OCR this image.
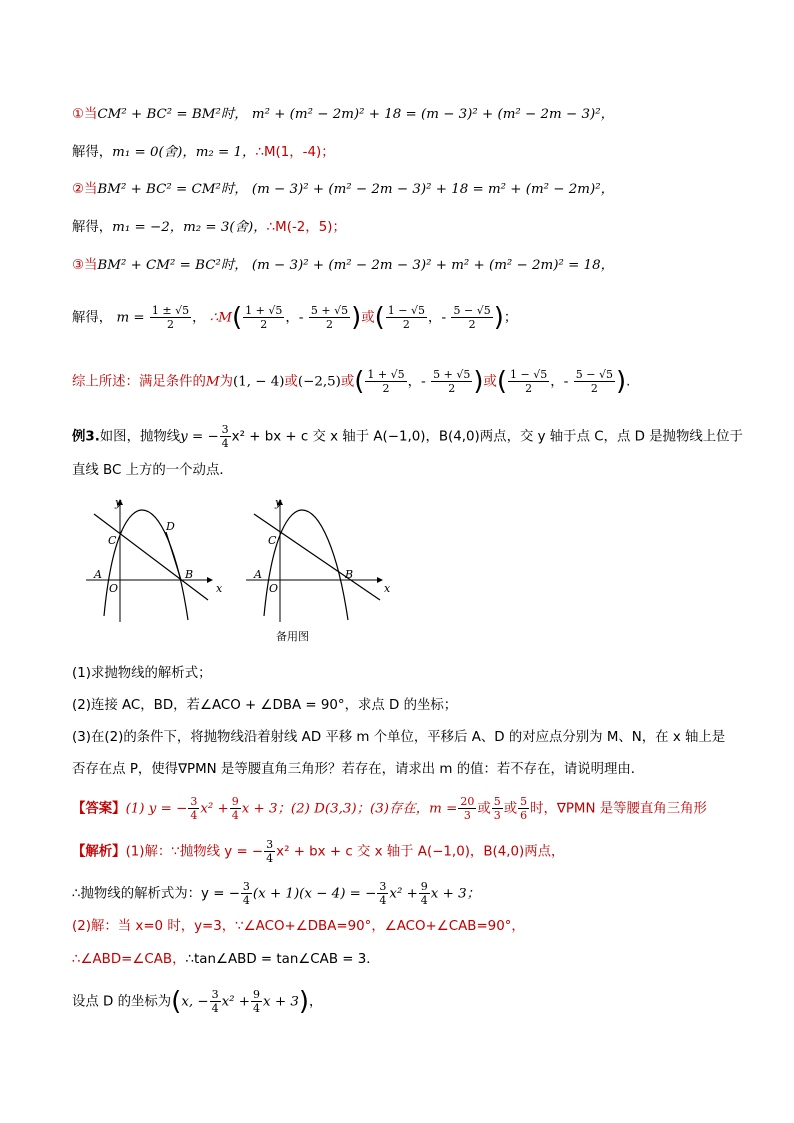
①当CM² + BC² = BM²时， m² + (m² − 2m)² + 18 = (m − 3)² + (m² − 2m − 3)²，
解得，m₁ = 0(舍)，m₂ = 1，∴M(1，-4)；
②当BM² + BC² = CM²时， (m − 3)² + (m² − 2m − 3)² + 18 = m² + (m² − 2m)²，
解得，m₁ = −2，m₂ = 3(舍)，∴M(-2，5)；
③当BM² + CM² = BC²时， (m − 3)² + (m² − 2m − 3)² + m² + (m² − 2m)² = 18，
解得， $m = \frac{1 \pm √5}{2}$ ， ∴M( $\frac{1 + √5}{2}$ ，- $\frac{5 + √5}{2}$ )或( $\frac{1 - √5}{2}$ ，- $\frac{5 - √5}{2}$ )；
综上所述：满足条件的M为(1, − 4)或(−2,5)或( $\frac{1 + √5}{2}$ ，- $\frac{5 + √5}{2}$ )或( $\frac{1 - √5}{2}$ ，- $\frac{5 - √5}{2}$ ).
例3.如图，抛物线y = − $\frac{3}{4} x^2$ + bx + c 交 x 轴于 A(−1,0)，B(4,0)两点，交 y 轴于点 C，点 D 是抛物线上位于
直线 BC 上方的一个动点．
y
x
C
D
A
O
B
y
x
C
A
O
B
备用图
(1)求抛物线的解析式；
(2)连接 AC，BD，若∠ACO + ∠DBA = 90°，求点 D 的坐标；
(3)在(2)的条件下，将抛物线沿着射线 AD 平移 m 个单位，平移后 A、D 的对应点分别为 M、N，在 x 轴上是
否存在点 P，使得∇PMN 是等腰直角三角形？若存在，请求出 m 的值：若不存在，请说明理由．
【答案】(1) y = − $\frac{3}{4} x^2 + \frac{9}{4}$ x + 3；(2) D(3,3)；(3)存在，$m = \frac{20}{3}$ 或 $\frac{5}{3}$ 或 $\frac{5}{6}$ 时，∇PMN 是等腰直角三角形
【解析】(1)解：∵抛物线 y = − $\frac{3}{4} x^2$ + bx + c 交 x 轴于 A(−1,0)，B(4,0)两点，
∴抛物线的解析式为：y = − $\frac{3}{4} (x + 1)(x - 4)$ = − $\frac{3}{4} x^2 + \frac{9}{4}$ x + 3；
(2)解：当 x=0 时，y=3，∵∠ACO+∠DBA=90°，∠ACO+∠CAB=90°，
∴∠ABD=∠CAB，∴tan∠ABD = tan∠CAB = 3．
设点 D 的坐标为(x, − $\frac{3}{4} x^2 + \frac{9}{4}$ x + 3)，
